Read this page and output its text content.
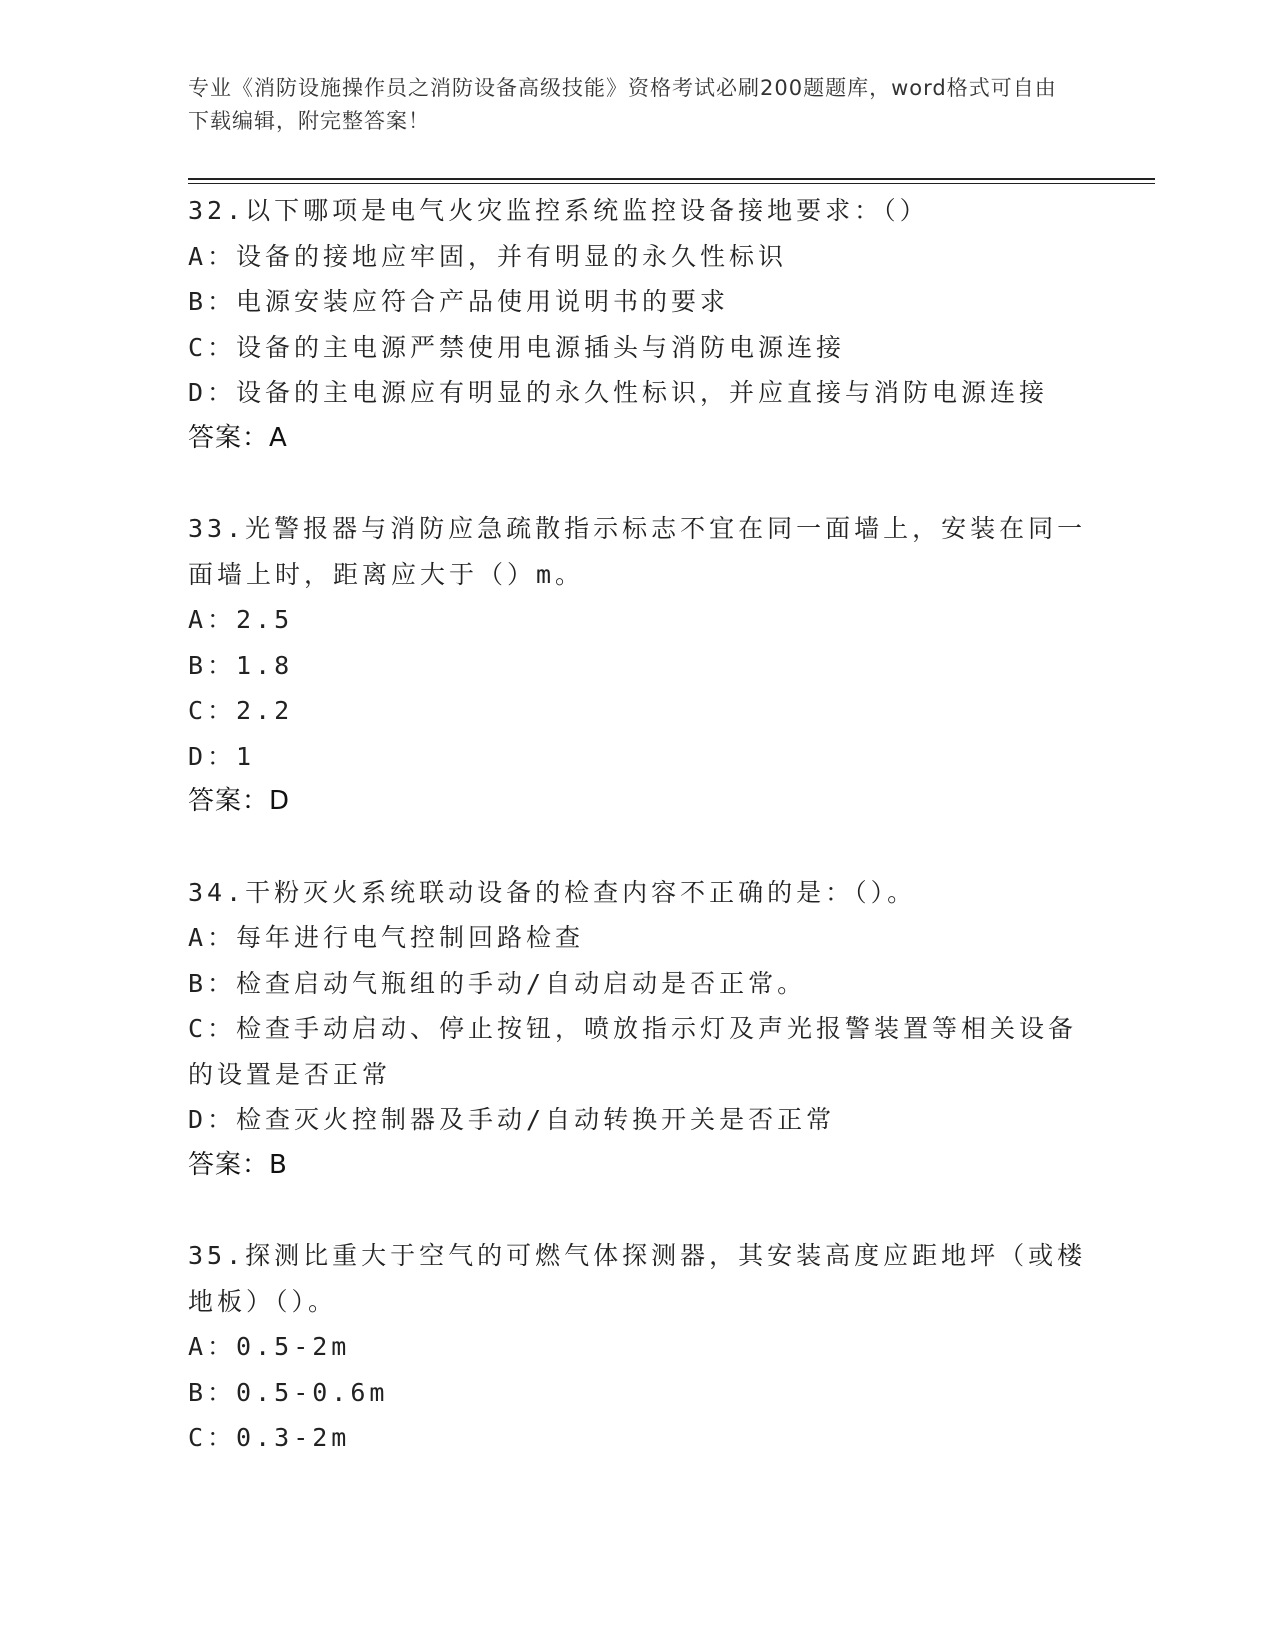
专业《消防设施操作员之消防设备高级技能》资格考试必刷200题题库，word格式可自由下载编辑，附完整答案！

32.以下哪项是电气火灾监控系统监控设备接地要求：（）

A：设备的接地应牢固，并有明显的永久性标识

B：电源安装应符合产品使用说明书的要求

C：设备的主电源严禁使用电源插头与消防电源连接

D：设备的主电源应有明显的永久性标识，并应直接与消防电源连接

答案：A

33.光警报器与消防应急疏散指示标志不宜在同一面墙上，安装在同一面墙上时，距离应大于（）m。

A：2.5

B：1.8

C：2.2

D：1

答案：D

34.干粉灭火系统联动设备的检查内容不正确的是：（）。

A：每年进行电气控制回路检查

B：检查启动气瓶组的手动/自动启动是否正常。

C：检查手动启动、停止按钮，喷放指示灯及声光报警装置等相关设备的设置是否正常

D：检查灭火控制器及手动/自动转换开关是否正常

答案：B

35.探测比重大于空气的可燃气体探测器，其安装高度应距地坪（或楼地板）（）。

A：0.5-2m

B：0.5-0.6m

C：0.3-2m
